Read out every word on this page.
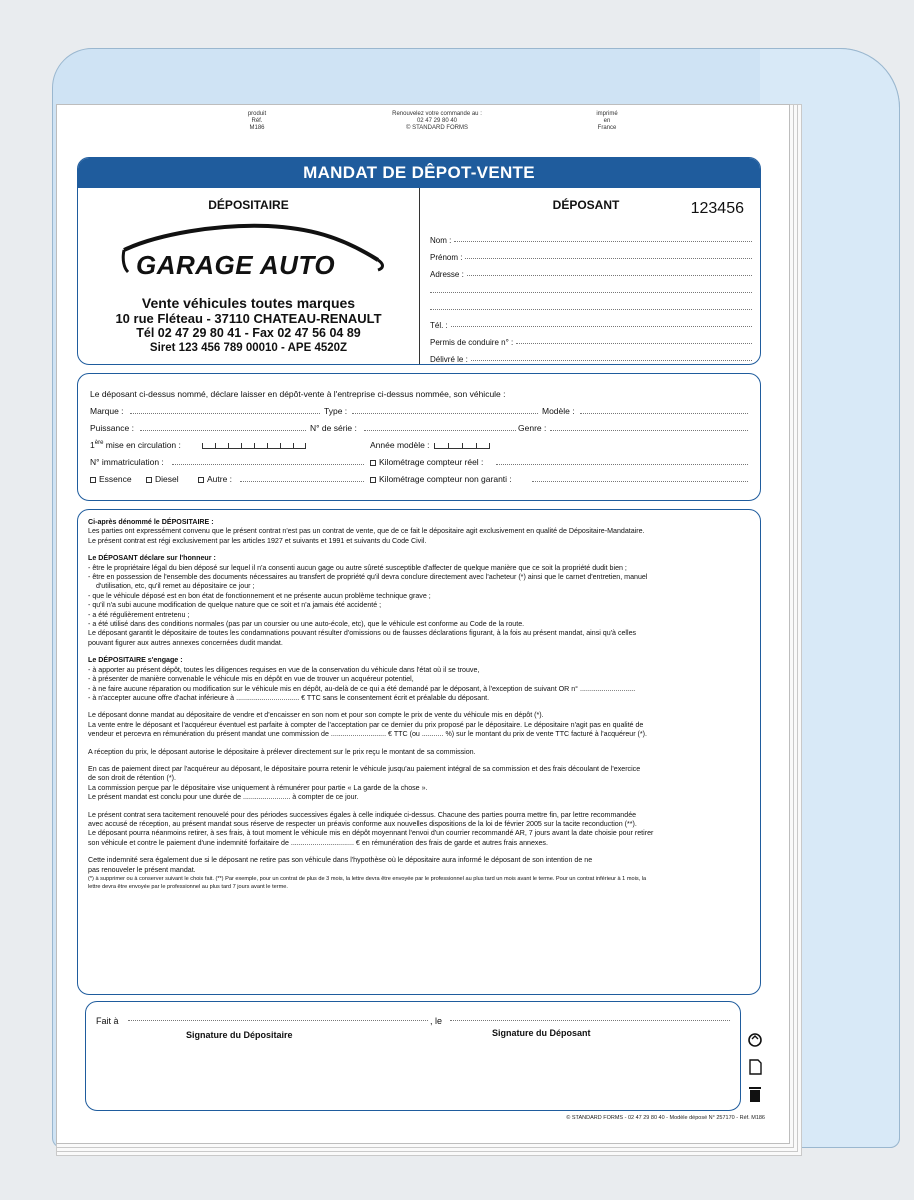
produit
Réf.
M186
Renouvelez votre commande au :
02 47 29 80 40
© STANDARD FORMS
imprimé
en
France
MANDAT DE DÊPOT-VENTE
DÉPOSITAIRE
GARAGE AUTO
Vente véhicules toutes marques
10 rue Fléteau - 37110 CHATEAU-RENAULT
Tél 02 47 29 80 41 - Fax 02 47 56 04 89
Siret 123 456 789 00010 - APE 4520Z
DÉPOSANT	123456
Nom :
Prénom :
Adresse :
Tél. :
Permis de conduire n° :
Délivré le :
Le déposant ci-dessus nommé, déclare laisser en dépôt-vente à l'entreprise ci-dessus nommée, son véhicule :
Marque :	Type :	Modèle :
Puissance :	N° de série :	Genre :
1ère mise en circulation :	Année modèle :
N° immatriculation :	Kilométrage compteur réel :
Essence	Diesel	Autre :	Kilométrage compteur non garanti :

Ci-après dénommé le DÉPOSITAIRE :

Les parties ont expressément convenu que le présent contrat n'est pas un contrat de vente, que de ce fait le dépositaire agit exclusivement en qualité de Dépositaire-Mandataire.

Le présent contrat est régi exclusivement par les articles 1927 et suivants et 1991 et suivants du Code Civil.

Le DÉPOSANT déclare sur l'honneur :

- être le propriétaire légal du bien déposé sur lequel il n'a consenti aucun gage ou autre sûreté susceptible d'affecter de quelque manière que ce soit la propriété dudit bien ;

- être en possession de l'ensemble des documents nécessaires au transfert de propriété qu'il devra conclure directement avec l'acheteur (*) ainsi que le carnet d'entretien, manuel

d'utilisation, etc, qu'il remet au dépositaire ce jour ;

- que le véhicule déposé est en bon état de fonctionnement et ne présente aucun problème technique grave ;

- qu'il n'a subi aucune modification de quelque nature que ce soit et n'a jamais été accidenté ;

- a été régulièrement entretenu ;

- a été utilisé dans des conditions normales (pas par un coursier ou une auto-école, etc), que le véhicule est conforme au Code de la route.

Le déposant garantit le dépositaire de toutes les condamnations pouvant résulter d'omissions ou de fausses déclarations figurant, à la fois au présent mandat, ainsi qu'à celles

pouvant figurer aux autres annexes concernées dudit mandat.

Le DÉPOSITAIRE s'engage :

- à apporter au présent dépôt, toutes les diligences requises en vue de la conservation du véhicule dans l'état où il se trouve,

- à présenter de manière convenable le véhicule mis en dépôt en vue de trouver un acquéreur potentiel,

- à ne faire aucune réparation ou modification sur le véhicule mis en dépôt, au-delà de ce qui a été demandé par le déposant, à l'exception de suivant OR n° ............................

- à n'accepter aucune offre d'achat inférieure à ................................ € TTC sans le consentement écrit et préalable du déposant.

Le déposant donne mandat au dépositaire de vendre et d'encaisser en son nom et pour son compte le prix de vente du véhicule mis en dépôt (*).

La vente entre le déposant et l'acquéreur éventuel est parfaite à compter de l'acceptation par ce dernier du prix proposé par le dépositaire. Le dépositaire n'agit pas en qualité de

vendeur et percevra en rémunération du présent mandat une commission de ............................ € TTC (ou ........... %) sur le montant du prix de vente TTC facturé à l'acquéreur (*).

A réception du prix, le déposant autorise le dépositaire à prélever directement sur le prix reçu le montant de sa commission.

En cas de paiement direct par l'acquéreur au déposant, le dépositaire pourra retenir le véhicule jusqu'au paiement intégral de sa commission et des frais découlant de l'exercice

de son droit de rétention (*).

La commission perçue par le dépositaire vise uniquement à rémunérer pour partie « La garde de la chose ».

Le présent mandat est conclu pour une durée de ........................ à compter de ce jour.

Le présent contrat sera tacitement renouvelé pour des périodes successives égales à celle indiquée ci-dessus. Chacune des parties pourra mettre fin, par lettre recommandée

avec accusé de réception, au présent mandat sous réserve de respecter un préavis conforme aux nouvelles dispositions de la loi de février 2005 sur la tacite reconduction (**).

Le déposant pourra néanmoins retirer, à ses frais, à tout moment le véhicule mis en dépôt moyennant l'envoi d'un courrier recommandé AR, 7 jours avant la date choisie pour retirer

son véhicule et contre le paiement d'une indemnité forfaitaire de ................................ € en rémunération des frais de garde et autres frais annexes.

Cette indemnité sera également due si le déposant ne retire pas son véhicule dans l'hypothèse où le dépositaire aura informé le déposant de son intention de ne

pas renouveler le présent mandat.

(*) à supprimer ou à conserver suivant le choix fait. (**) Par exemple, pour un contrat de plus de 3 mois, la lettre devra être envoyée par le professionnel au plus tard un mois avant le terme. Pour un contrat inférieur à 1 mois, la

lettre devra être envoyée par le professionnel au plus tard 7 jours avant le terme.

Fait à	, le
Signature du Dépositaire	Signature du Déposant

© STANDARD FORMS - 02 47 29 80 40 - Modèle déposé N° 257170 - Réf. M186
